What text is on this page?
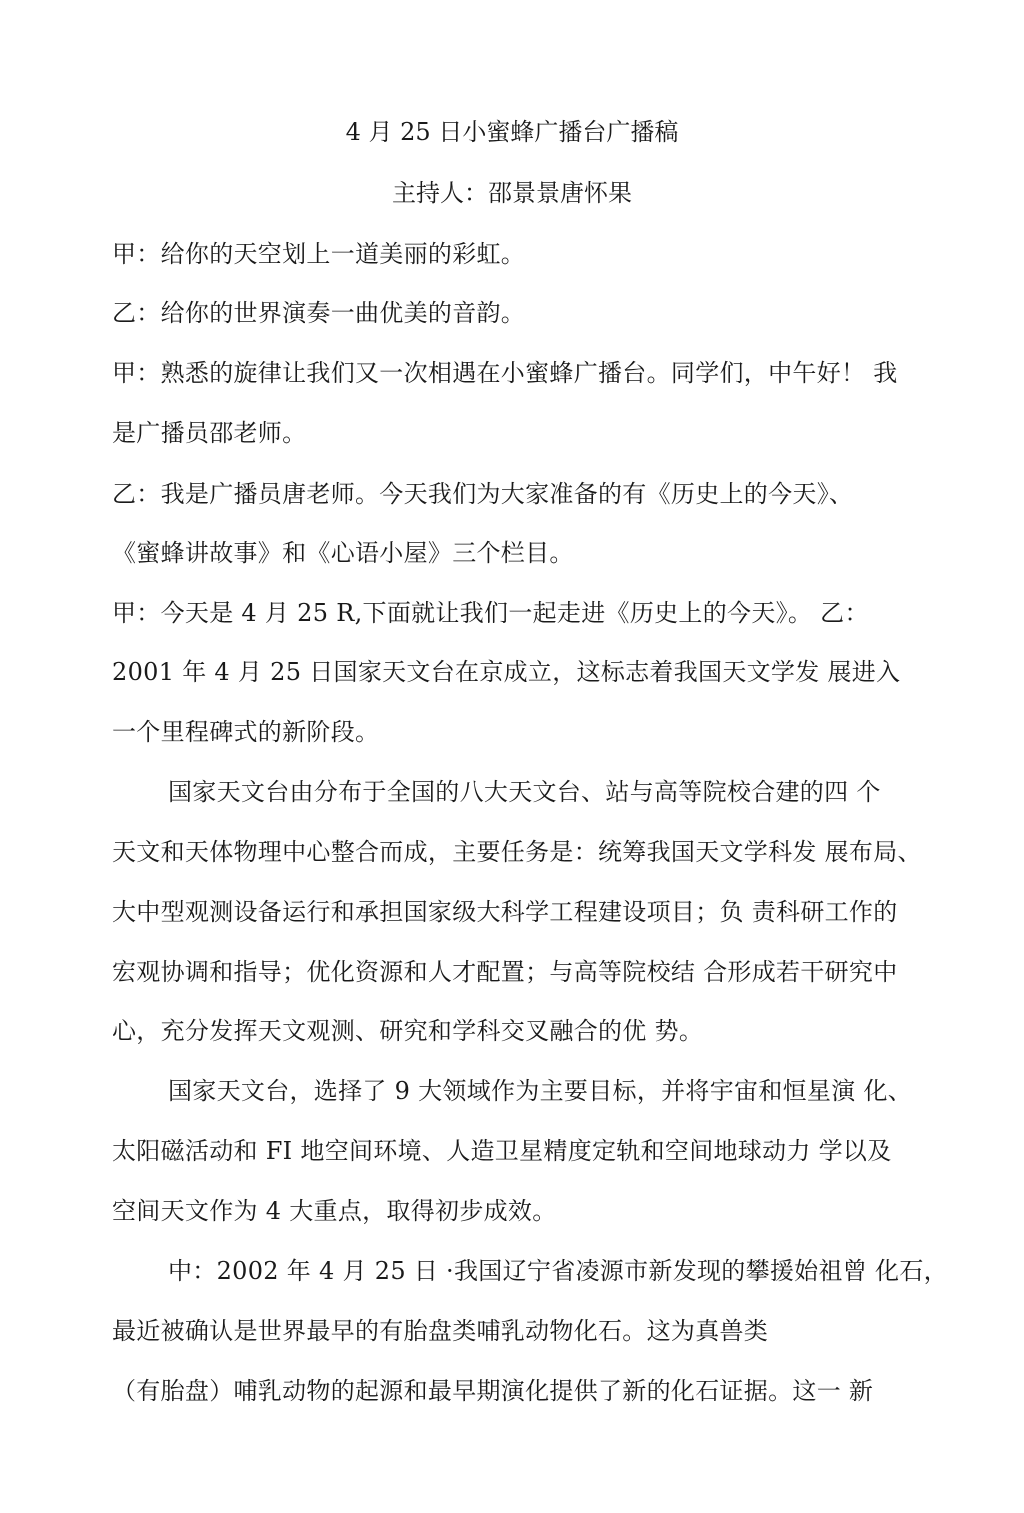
4 月 25 日小蜜蜂广播台广播稿
主持人：邵景景唐怀果
甲：给你的天空划上一道美丽的彩虹。
乙：给你的世界演奏一曲优美的音韵。
甲：熟悉的旋律让我们又一次相遇在小蜜蜂广播台。同学们，中午好！ 我
是广播员邵老师。
乙：我是广播员唐老师。今天我们为大家准备的有《历史上的今天》、
《蜜蜂讲故事》和《心语小屋》三个栏目。
甲：今天是 4 月 25 R,下面就让我们一起走进《历史上的今天》。 乙：
2001 年 4 月 25 日国家天文台在京成立，这标志着我国天文学发 展进入
一个里程碑式的新阶段。
国家天文台由分布于全国的八大天文台、站与高等院校合建的四 个
天文和天体物理中心整合而成，主要任务是：统筹我国天文学科发 展布局、
大中型观测设备运行和承担国家级大科学工程建设项目；负 责科研工作的
宏观协调和指导；优化资源和人才配置；与高等院校结 合形成若干研究中
心，充分发挥天文观测、研究和学科交叉融合的优 势。
国家天文台，选择了 9 大领域作为主要目标，并将宇宙和恒星演 化、
太阳磁活动和 FI 地空间环境、人造卫星精度定轨和空间地球动力 学以及
空间天文作为 4 大重点，取得初步成效。
中：2002 年 4 月 25 日 ·我国辽宁省凌源市新发现的攀援始祖曾 化石，
最近被确认是世界最早的有胎盘类哺乳动物化石。这为真兽类
（有胎盘）哺乳动物的起源和最早期演化提供了新的化石证据。这一 新
